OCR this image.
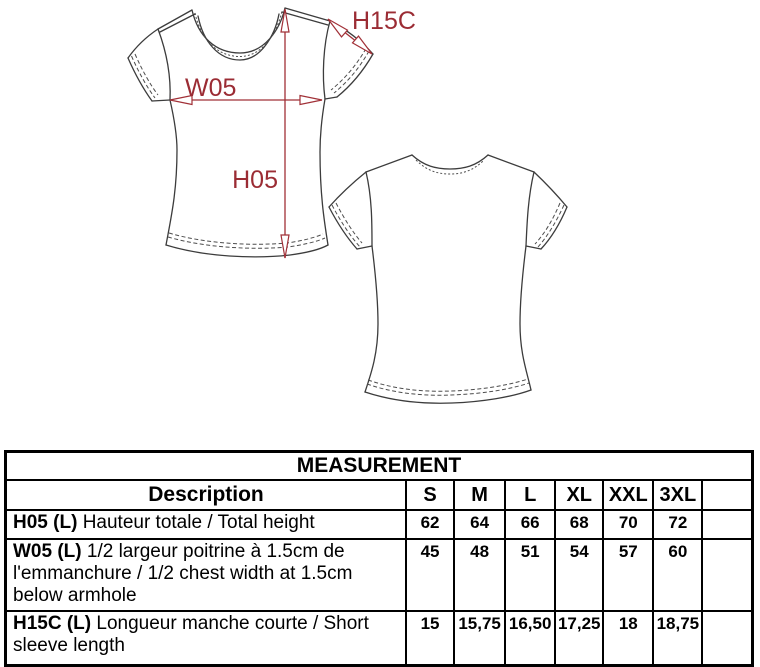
W05
H05
H15C
MEASUREMENT							
Description	S	M	L	XL	XXL	3XL	
H05 (L) Hauteur totale / Total height	62	64	66	68	70	72	
W05 (L) 1/2 largeur poitrine à 1.5cm de l'emmanchure / 1/2 chest width at 1.5cm below armhole	45	48	51	54	57	60	
H15C (L) Longueur manche courte / Short sleeve length	15	15,75	16,50	17,25	18	18,75	
